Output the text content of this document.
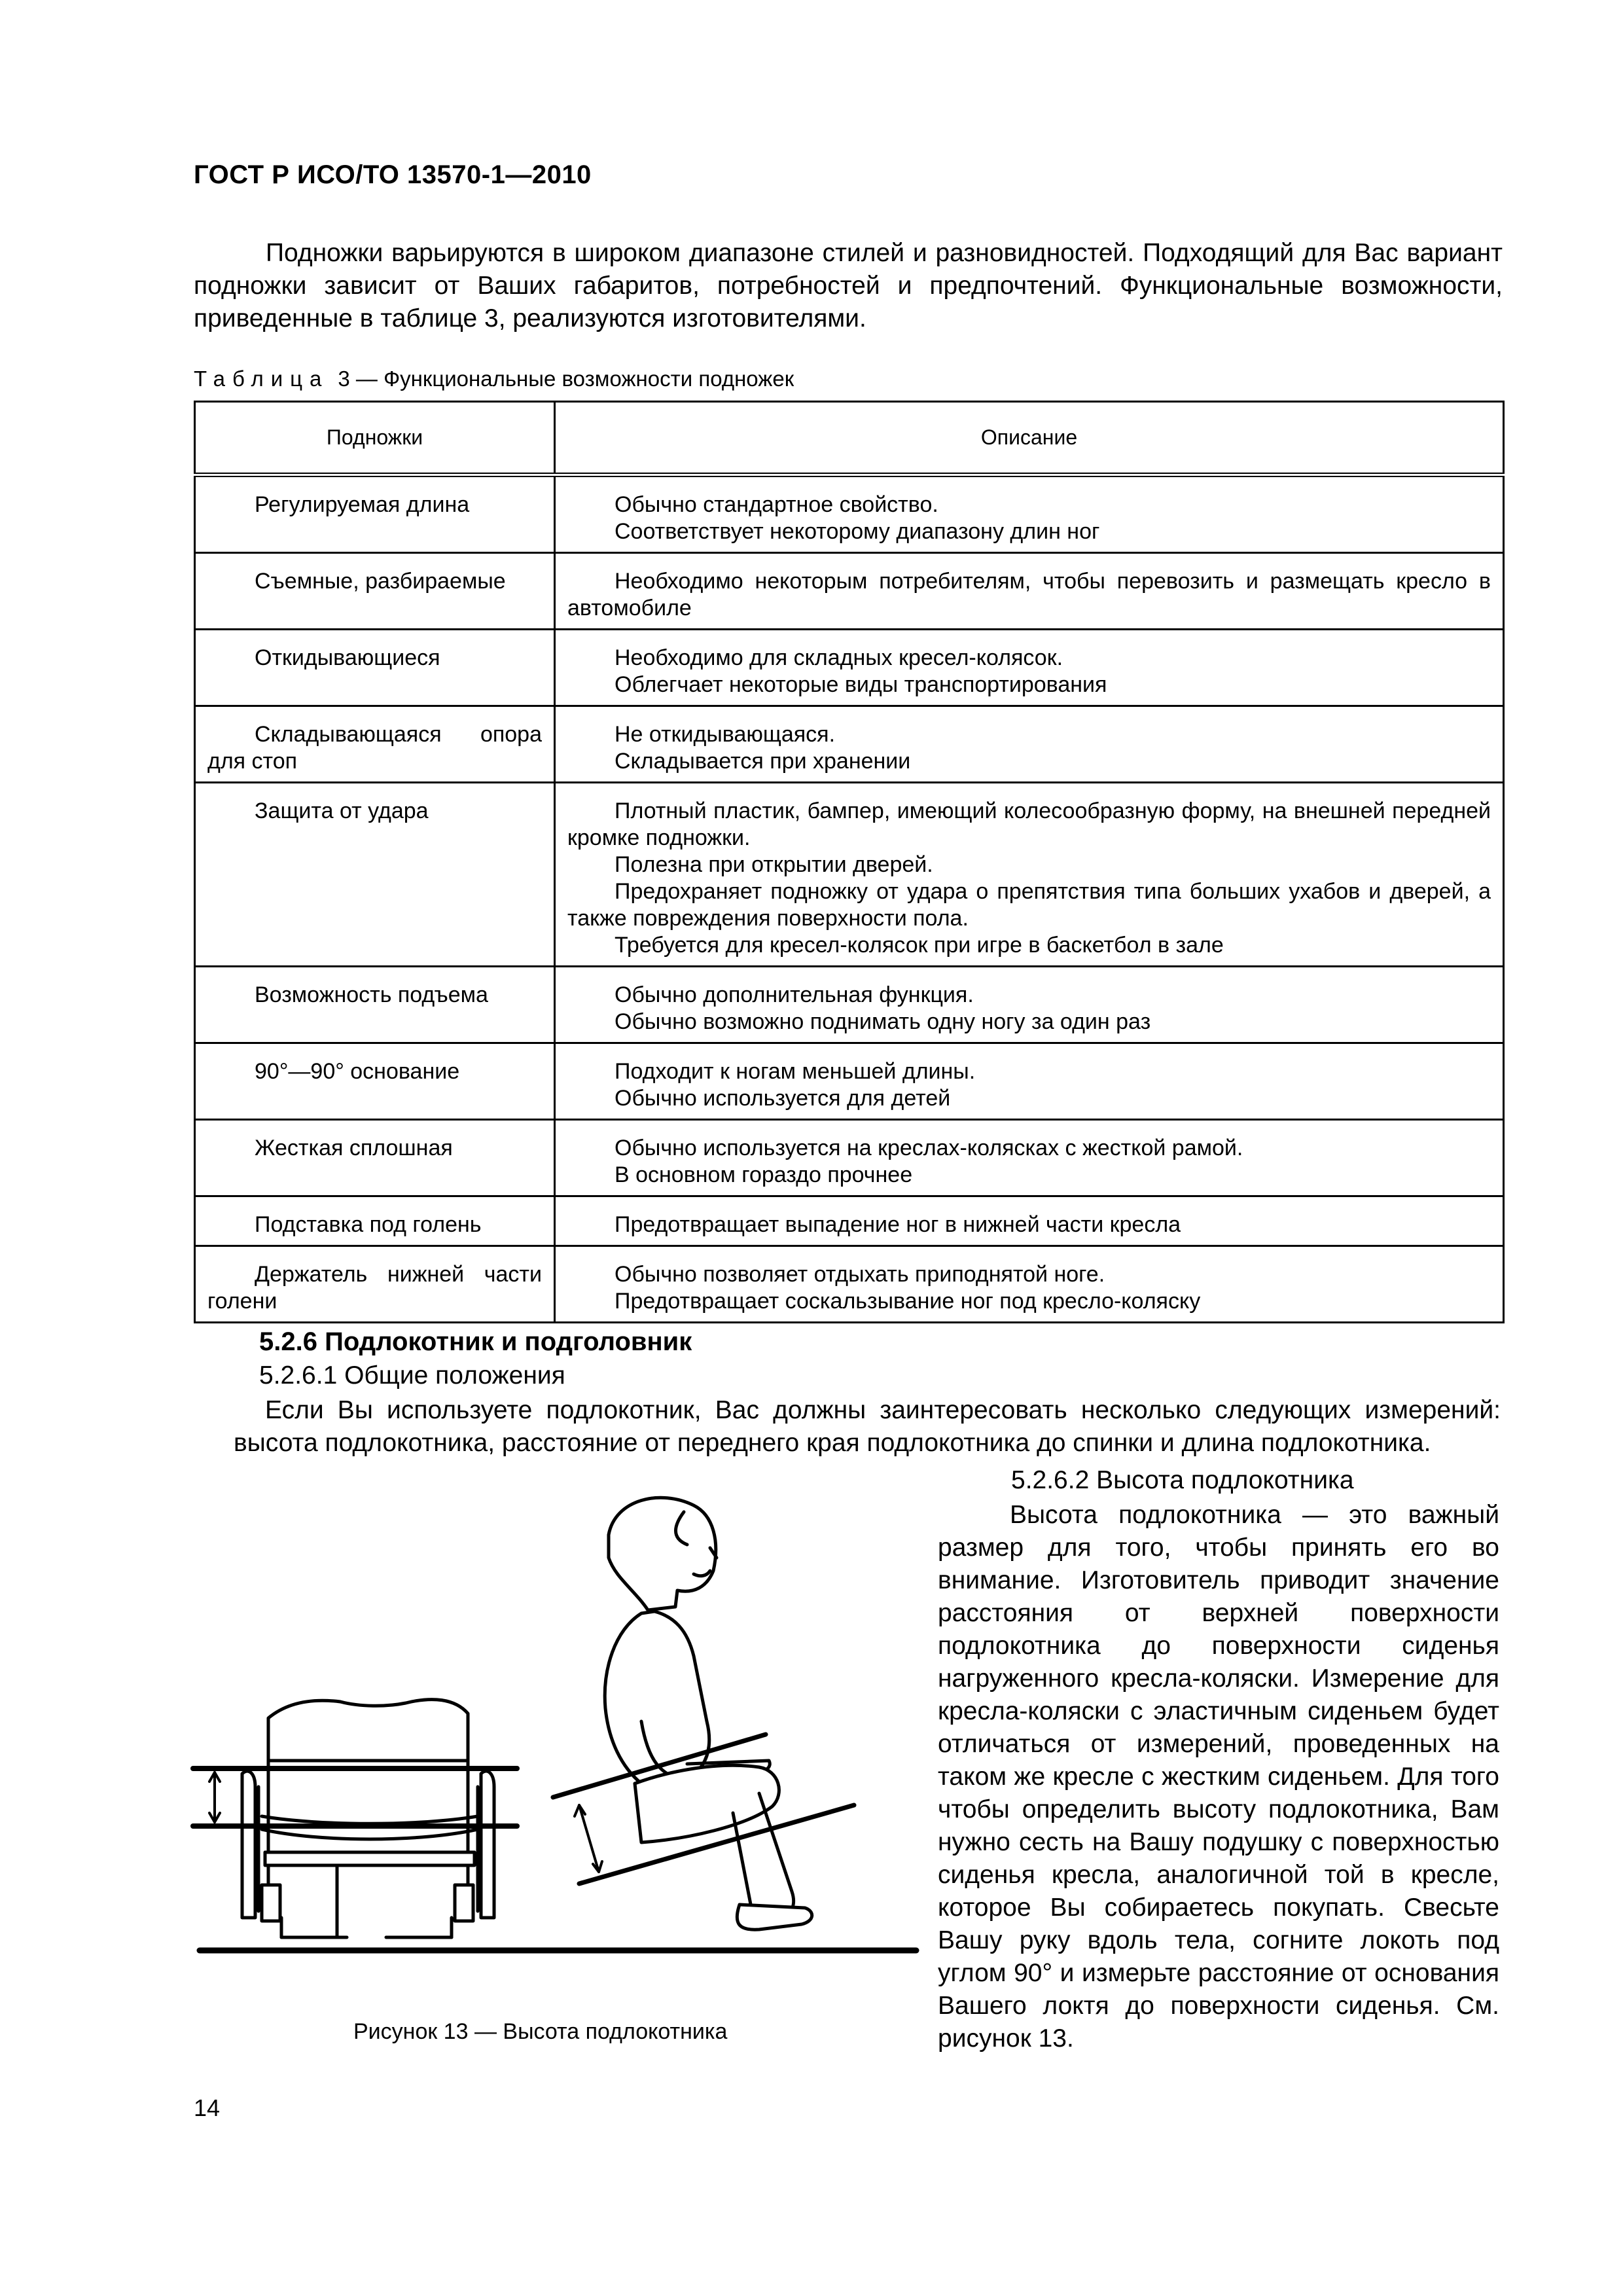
ГОСТ Р ИСО/ТО 13570-1—2010

Подножки варьируются в широком диапазоне стилей и разновидностей. Подходящий для Вас вариант подножки зависит от Ваших габаритов, потребностей и предпочтений. Функциональные возможности, приведенные в таблице 3, реализуются изготовителями.

Таблица 3 — Функциональные возможности подножек
Подножки	Описание

Регулируемая длина	Обычно стандартное свойство.
Соответствует некоторому диапазону длин ног

Съемные, разбираемые	Необходимо некоторым потребителям, чтобы перевозить и размещать кресло в автомобиле

Откидывающиеся	Необходимо для складных кресел-колясок.
Облегчает некоторые виды транспортирования

Складывающаяся опора для стоп	Не откидывающаяся.
Складывается при хранении

Защита от удара	Плотный пластик, бампер, имеющий колесообразную форму, на внешней передней кромке подножки.
Полезна при открытии дверей.
Предохраняет подножку от удара о препятствия типа больших ухабов и дверей, а также повреждения поверхности пола.
Требуется для кресел-колясок при игре в баскетбол в зале

Возможность подъема	Обычно дополнительная функция.
Обычно возможно поднимать одну ногу за один раз

90°—90° основание	Подходит к ногам меньшей длины.
Обычно используется для детей

Жесткая сплошная	Обычно используется на креслах-колясках с жесткой рамой.
В основном гораздо прочнее

Подставка под голень	Предотвращает выпадение ног в нижней части кресла

Держатель нижней части голени	Обычно позволяет отдыхать приподнятой ноге.
Предотвращает соскальзывание ног под кресло-коляску
5.2.6 Подлокотник и подголовник
5.2.6.1 Общие положения

Если Вы используете подлокотник, Вас должны заинтересовать несколько следующих измерений: высота подлокотника, расстояние от переднего края подлокотника до спинки и длина подлокотника.

5.2.6.2 Высота подлокотника

Высота подлокотника — это важный размер для того, чтобы принять его во внимание. Изготовитель приводит значение расстояния от верхней поверхности подлокотника до поверхности сиденья нагруженного кресла-коляски. Измерение для кресла-коляски с эластичным сиденьем будет отличаться от измерений, проведенных на таком же кресле с жестким сиденьем. Для того чтобы определить высоту подлокотника, Вам нужно сесть на Вашу подушку с поверхностью сиденья кресла, аналогичной той в кресле, которое Вы собираетесь покупать. Свесьте Вашу руку вдоль тела, согните локоть под углом 90° и измерьте расстояние от основания Вашего локтя до поверхности сиденья. См. рисунок 13.

Рисунок 13 — Высота подлокотника
14
